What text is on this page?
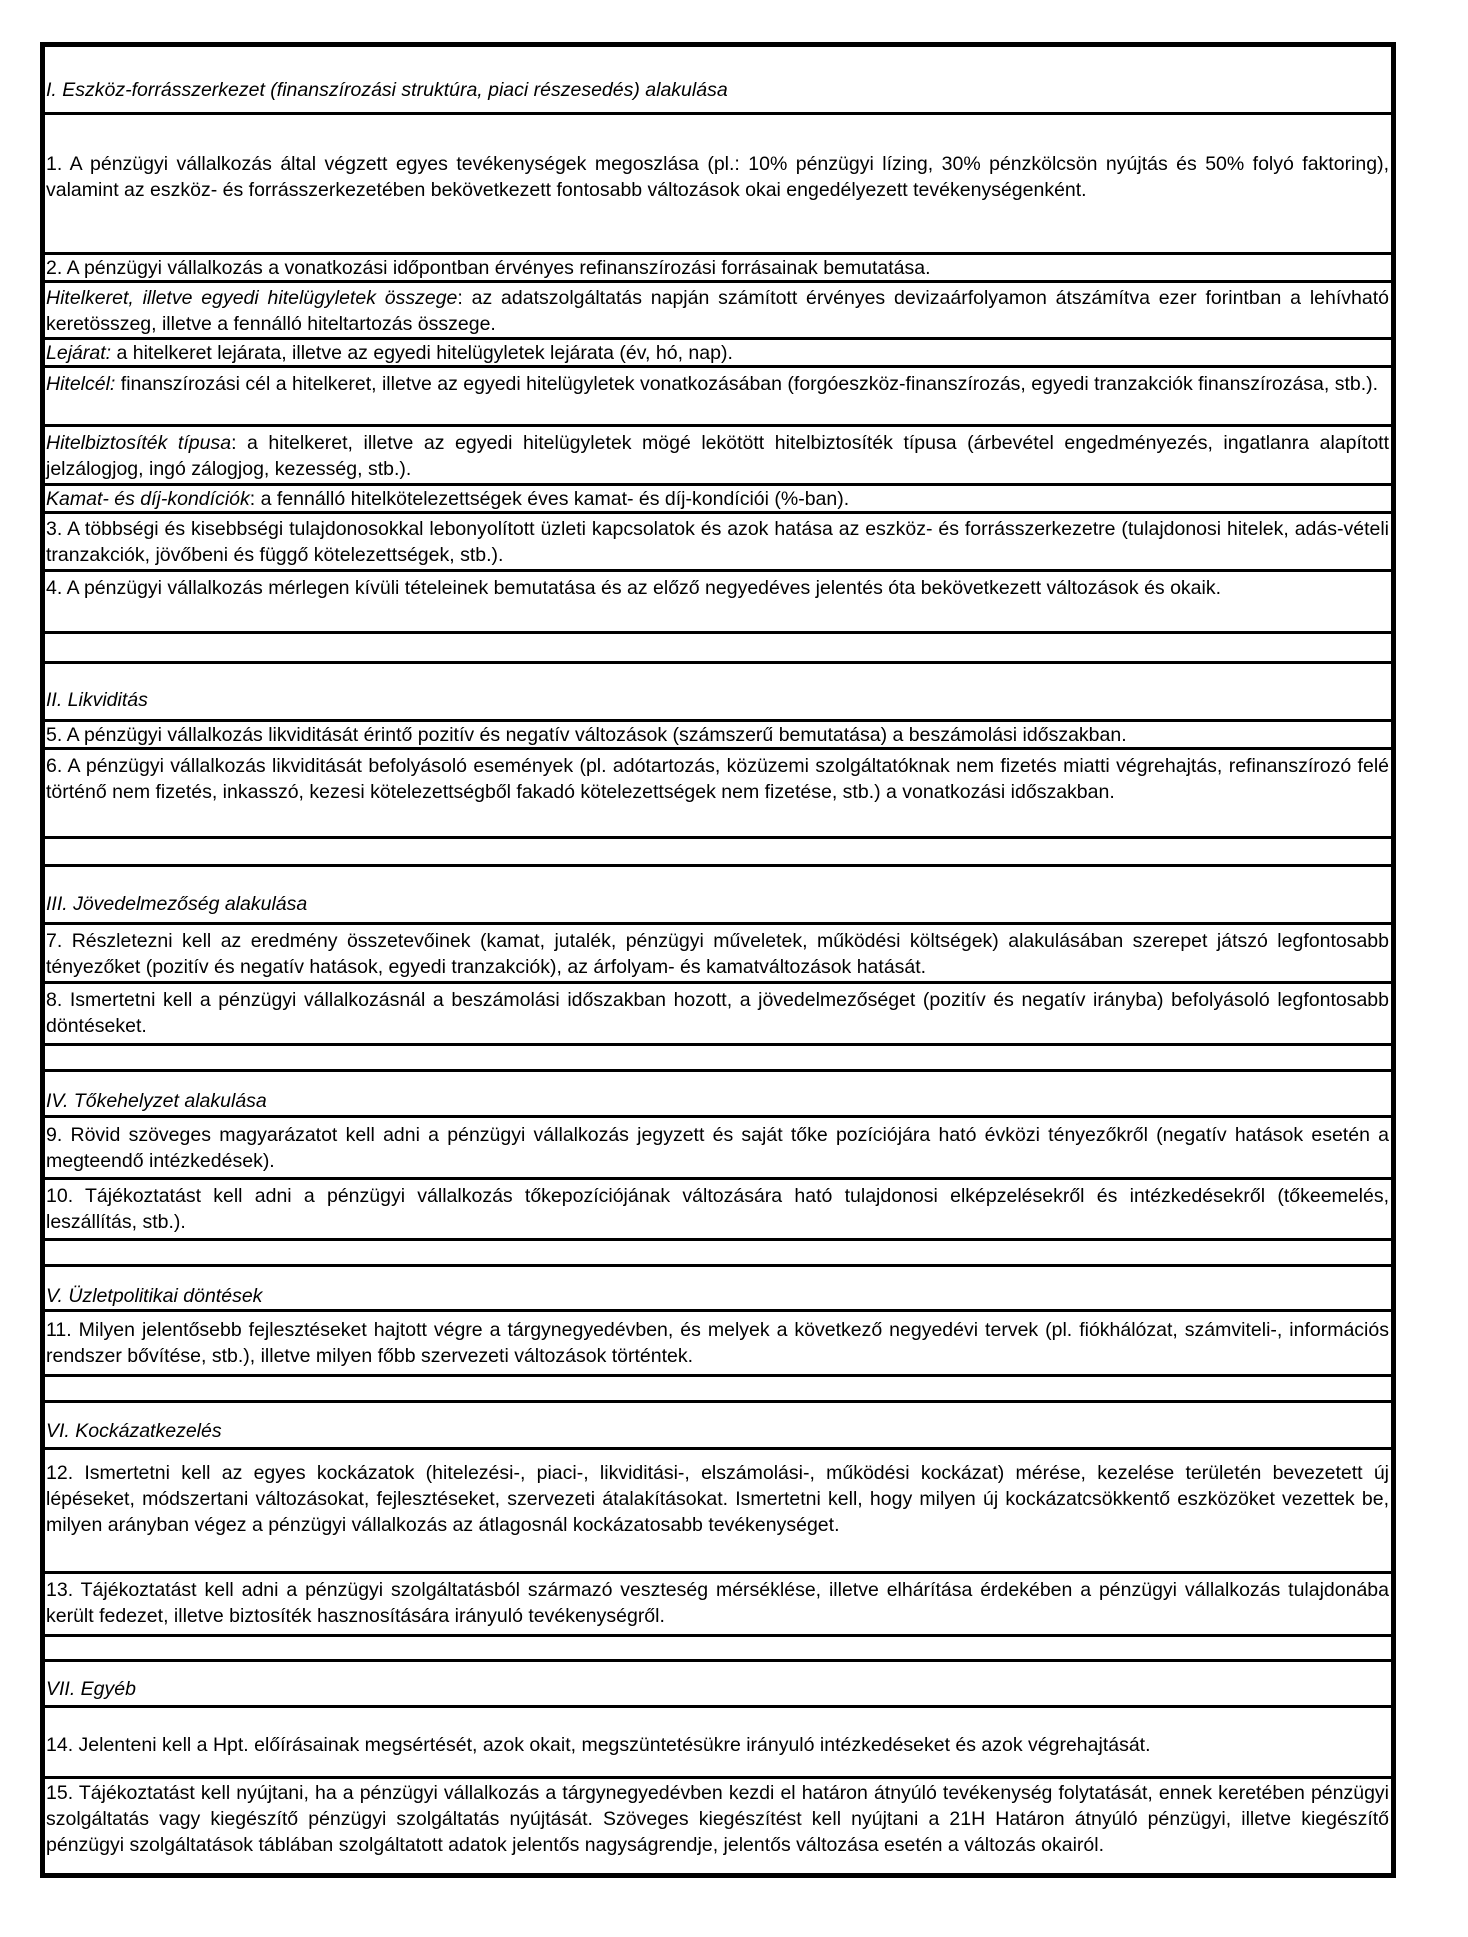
I. Eszköz-forrásszerkezet (finanszírozási struktúra, piaci részesedés) alakulása
1. A pénzügyi vállalkozás által végzett egyes tevékenységek megoszlása (pl.: 10% pénzügyi lízing, 30% pénzkölcsön nyújtás és 50% folyó faktoring), valamint az eszköz- és forrásszerkezetében bekövetkezett fontosabb változások okai engedélyezett tevékenységenként.
2. A pénzügyi vállalkozás a vonatkozási időpontban érvényes refinanszírozási forrásainak bemutatása.
Hitelkeret, illetve egyedi hitelügyletek összege: az adatszolgáltatás napján számított érvényes devizaárfolyamon átszámítva ezer forintban a lehívható keretösszeg, illetve a fennálló hiteltartozás összege.
Lejárat: a hitelkeret lejárata, illetve az egyedi hitelügyletek lejárata (év, hó, nap).
Hitelcél: finanszírozási cél a hitelkeret, illetve az egyedi hitelügyletek vonatkozásában (forgóeszköz-finanszírozás, egyedi tranzakciók finanszírozása, stb.).
Hitelbiztosíték típusa: a hitelkeret, illetve az egyedi hitelügyletek mögé lekötött hitelbiztosíték típusa (árbevétel engedményezés, ingatlanra alapított jelzálogjog, ingó zálogjog, kezesség, stb.).
Kamat- és díj-kondíciók: a fennálló hitelkötelezettségek éves kamat- és díj-kondíciói (%-ban).
3. A többségi és kisebbségi tulajdonosokkal lebonyolított üzleti kapcsolatok és azok hatása az eszköz- és forrásszerkezetre (tulajdonosi hitelek, adás-vételi tranzakciók, jövőbeni és függő kötelezettségek, stb.).
4. A pénzügyi vállalkozás mérlegen kívüli tételeinek bemutatása és az előző negyedéves jelentés óta bekövetkezett változások és okaik.
II. Likviditás
5. A pénzügyi vállalkozás likviditását érintő pozitív és negatív változások (számszerű bemutatása) a beszámolási időszakban.
6. A pénzügyi vállalkozás likviditását befolyásoló események (pl. adótartozás, közüzemi szolgáltatóknak nem fizetés miatti végrehajtás, refinanszírozó felé történő nem fizetés, inkasszó, kezesi kötelezettségből fakadó kötelezettségek nem fizetése, stb.) a vonatkozási időszakban.
III. Jövedelmezőség alakulása
7. Részletezni kell az eredmény összetevőinek (kamat, jutalék, pénzügyi műveletek, működési költségek) alakulásában szerepet játszó legfontosabb tényezőket (pozitív és negatív hatások, egyedi tranzakciók), az árfolyam- és kamatváltozások hatását.
8. Ismertetni kell a pénzügyi vállalkozásnál a beszámolási időszakban hozott, a jövedelmezőséget (pozitív és negatív irányba) befolyásoló legfontosabb döntéseket.
IV. Tőkehelyzet alakulása
9. Rövid szöveges magyarázatot kell adni a pénzügyi vállalkozás jegyzett és saját tőke pozíciójára ható évközi tényezőkről (negatív hatások esetén a megteendő intézkedések).
10. Tájékoztatást kell adni a pénzügyi vállalkozás tőkepozíciójának változására ható tulajdonosi elképzelésekről és intézkedésekről (tőkeemelés, leszállítás, stb.).
V. Üzletpolitikai döntések
11. Milyen jelentősebb fejlesztéseket hajtott végre a tárgynegyedévben, és melyek a következő negyedévi tervek (pl. fiókhálózat, számviteli-, információs rendszer bővítése, stb.), illetve milyen főbb szervezeti változások történtek.
VI. Kockázatkezelés
12. Ismertetni kell az egyes kockázatok (hitelezési-, piaci-, likviditási-, elszámolási-, működési kockázat) mérése, kezelése területén bevezetett új lépéseket, módszertani változásokat, fejlesztéseket, szervezeti átalakításokat. Ismertetni kell, hogy milyen új kockázatcsökkentő eszközöket vezettek be, milyen arányban végez a pénzügyi vállalkozás az átlagosnál kockázatosabb tevékenységet.
13. Tájékoztatást kell adni a pénzügyi szolgáltatásból származó veszteség mérséklése, illetve elhárítása érdekében a pénzügyi vállalkozás tulajdonába került fedezet, illetve biztosíték hasznosítására irányuló tevékenységről.
VII. Egyéb
14. Jelenteni kell a Hpt. előírásainak megsértését, azok okait, megszüntetésükre irányuló intézkedéseket és azok végrehajtását.
15. Tájékoztatást kell nyújtani, ha a pénzügyi vállalkozás a tárgynegyedévben kezdi el határon átnyúló tevékenység folytatását, ennek keretében pénzügyi szolgáltatás vagy kiegészítő pénzügyi szolgáltatás nyújtását. Szöveges kiegészítést kell nyújtani a 21H Határon átnyúló pénzügyi, illetve kiegészítő pénzügyi szolgáltatások táblában szolgáltatott adatok jelentős nagyságrendje, jelentős változása esetén a változás okairól.
